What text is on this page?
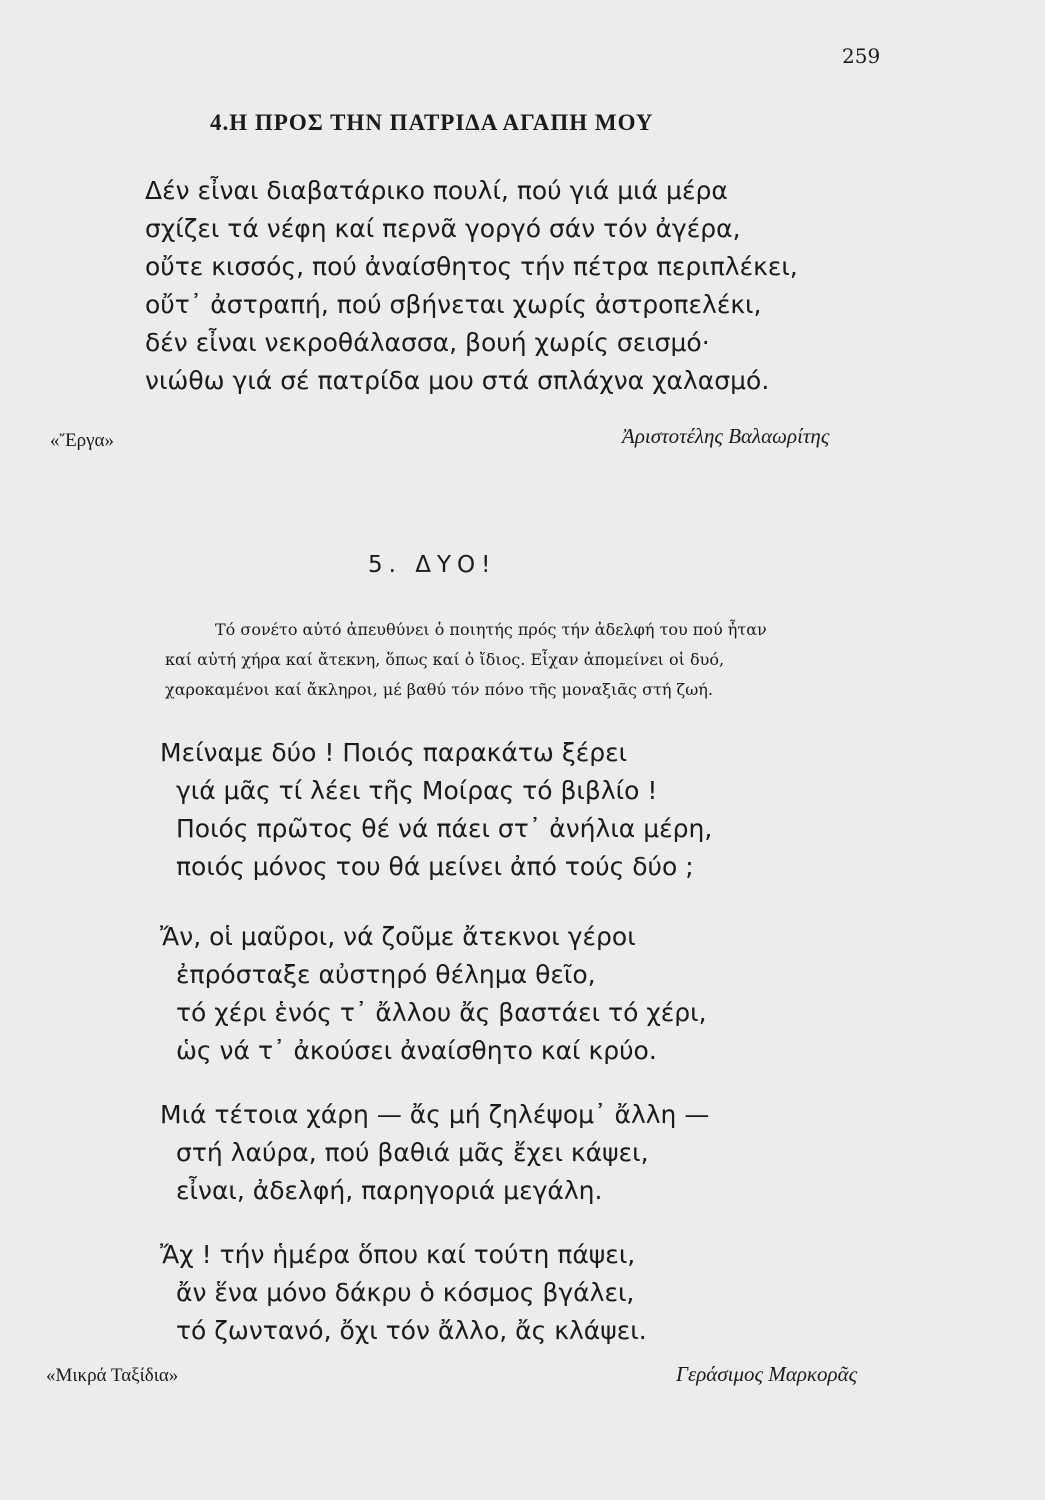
259
4.Η ΠΡΟΣ ΤΗΝ ΠΑΤΡΙΔΑ ΑΓΑΠΗ ΜΟΥ
Δέν εἶναι διαβατάρικο πουλί, πού γιά μιά μέρα
σχίζει τά νέφη καί περνᾶ γοργό σάν τόν ἀγέρα,
οὔτε κισσός, πού ἀναίσθητος τήν πέτρα περιπλέκει,
οὔτ᾿ ἀστραπή, πού σβήνεται χωρίς ἀστροπελέκι,
δέν εἶναι νεκροθάλασσα, βουή χωρίς σεισμό·
νιώθω γιά σέ πατρίδα μου στά σπλάχνα χαλασμό.
«Ἔργα»	Ἀριστοτέλης Βαλαωρίτης
5. ΔΥΟ!
Τό σονέτο αὐτό ἀπευθύνει ὁ ποιητής πρός τήν ἀδελφή του πού ἦταν
καί αὐτή χήρα καί ἄτεκνη, ὅπως καί ὁ ἴδιος. Εἶχαν ἀπομείνει οἱ δυό,
χαροκαμένοι καί ἄκληροι, μέ βαθύ τόν πόνο τῆς μοναξιᾶς στή ζωή.
Μείναμε δύο ! Ποιός παρακάτω ξέρει
γιά μᾶς τί λέει τῆς Μοίρας τό βιβλίο !
Ποιός πρῶτος θέ νά πάει στ᾿ ἀνήλια μέρη,
ποιός μόνος του θά μείνει ἀπό τούς δύο ;
Ἄν, οἱ μαῦροι, νά ζοῦμε ἄτεκνοι γέροι
ἐπρόσταξε αὐστηρό θέλημα θεῖο,
τό χέρι ἑνός τ᾿ ἄλλου ἄς βαστάει τό χέρι,
ὡς νά τ᾿ ἀκούσει ἀναίσθητο καί κρύο.
Μιά τέτοια χάρη — ἄς μή ζηλέψομ᾿ ἄλλη —
στή λαύρα, πού βαθιά μᾶς ἔχει κάψει,
εἶναι, ἀδελφή, παρηγοριά μεγάλη.
Ἄχ ! τήν ἡμέρα ὅπου καί τούτη πάψει,
ἄν ἕνα μόνο δάκρυ ὁ κόσμος βγάλει,
τό ζωντανό, ὄχι τόν ἄλλο, ἄς κλάψει.
«Μικρά Ταξίδια»	Γεράσιμος Μαρκορᾶς
